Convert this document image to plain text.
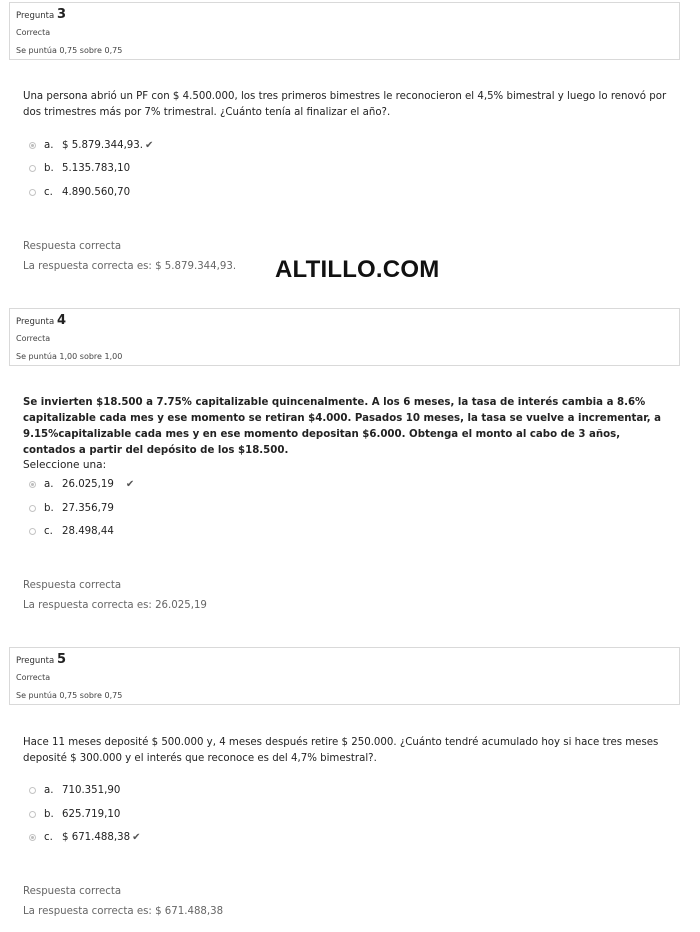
Pregunta 3
Correcta
Se puntúa 0,75 sobre 0,75
Una persona abrió un PF con $ 4.500.000, los tres primeros bimestres le reconocieron el 4,5% bimestral y luego lo renovó por dos trimestres más por 7% trimestral. ¿Cuánto tenía al finalizar el año?.
a. $ 5.879.344,93. ✔
b. 5.135.783,10
c. 4.890.560,70
Respuesta correcta
La respuesta correcta es: $ 5.879.344,93. ALTILLO.COM
Pregunta 4
Correcta
Se puntúa 1,00 sobre 1,00
Se invierten $18.500 a 7.75% capitalizable quincenalmente. A los 6 meses, la tasa de interés cambia a 8.6% capitalizable cada mes y ese momento se retiran $4.000. Pasados 10 meses, la tasa se vuelve a incrementar, a 9.15%capitalizable cada mes y en ese momento depositan $6.000. Obtenga el monto al cabo de 3 años, contados a partir del depósito de los $18.500.
Seleccione una:
a. 26.025,19 ✔
b. 27.356,79
c. 28.498,44
Respuesta correcta
La respuesta correcta es: 26.025,19
Pregunta 5
Correcta
Se puntúa 0,75 sobre 0,75
Hace 11 meses deposité $ 500.000 y, 4 meses después retire $ 250.000. ¿Cuánto tendré acumulado hoy si hace tres meses deposité $ 300.000 y el interés que reconoce es del 4,7% bimestral?.
a. 710.351,90
b. 625.719,10
c. $ 671.488,38 ✔
Respuesta correcta
La respuesta correcta es: $ 671.488,38
